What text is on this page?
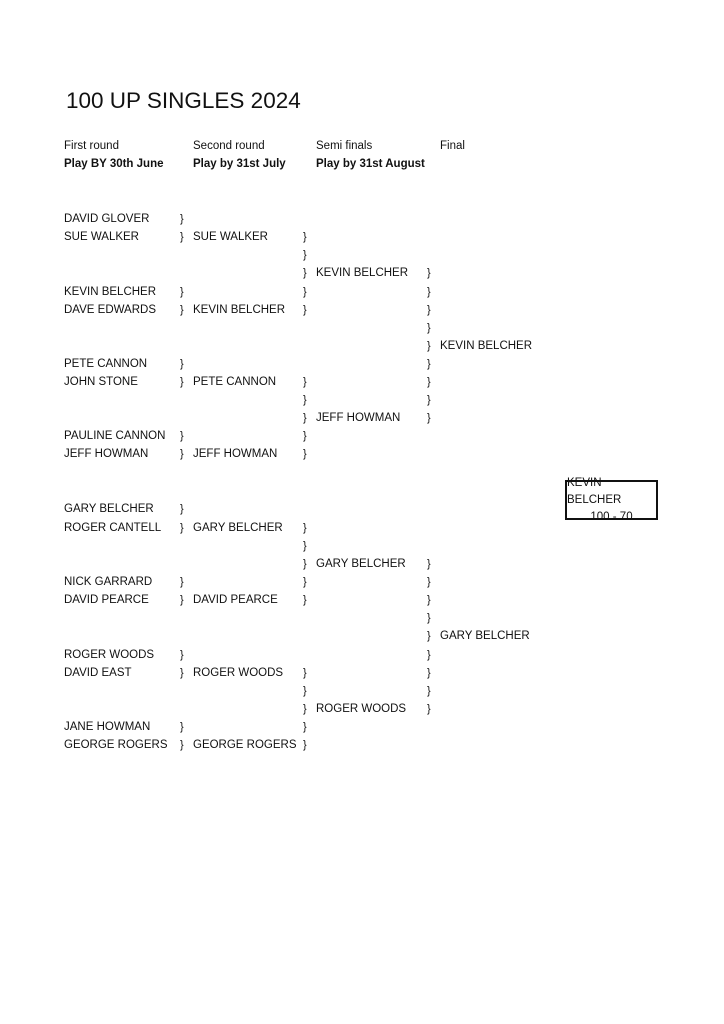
100 UP SINGLES 2024
First round
Play BY 30th June
Second round
Play by 31st July
Semi finals
Play by 31st August
Final
DAVID GLOVER
SUE WALKER
KEVIN BELCHER
DAVE EDWARDS
PETE CANNON
JOHN STONE
PAULINE CANNON
JEFF HOWMAN
GARY BELCHER
ROGER CANTELL
NICK GARRARD
DAVID PEARCE
ROGER WOODS
DAVID EAST
JANE HOWMAN
GEORGE ROGERS
SUE WALKER
KEVIN BELCHER
PETE CANNON
JEFF HOWMAN
GARY BELCHER
DAVID PEARCE
ROGER WOODS
GEORGE ROGERS
KEVIN BELCHER
JEFF HOWMAN
GARY BELCHER
ROGER WOODS
KEVIN BELCHER
GARY BELCHER
}
}
}
}
}
}
}
}
}
}
}
}
}
}
}
}
}
}
}
}
}
}
}
}
}
}
}
}
}
}
}
}
}
}
}
}
}
}
}
}
}
}
}
}
}
}
}
}
}
}
}
}
}
}
KEVIN BELCHER
100 - 70
